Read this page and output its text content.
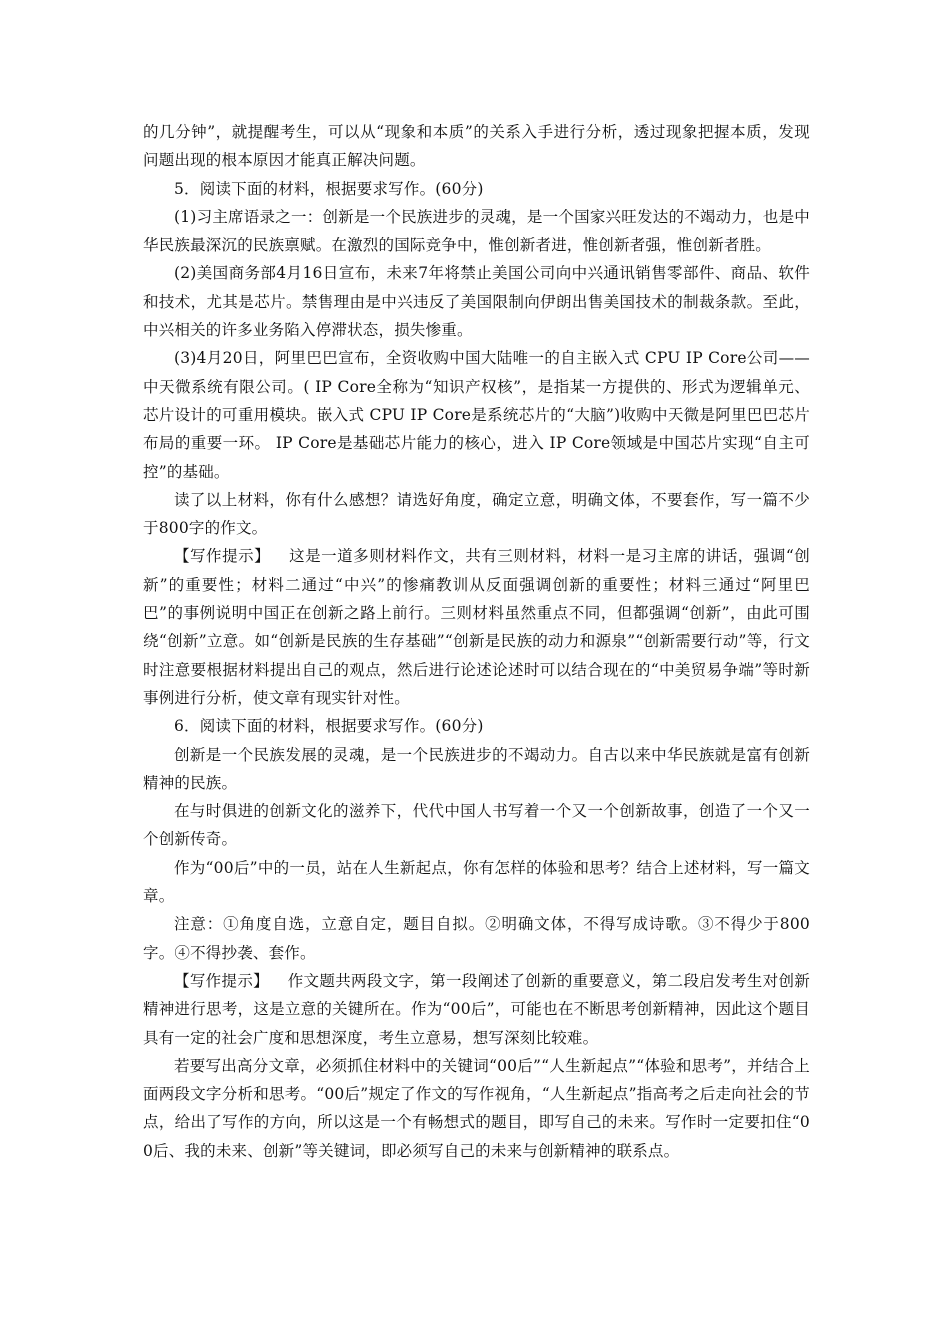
的几分钟”，就提醒考生，可以从“现象和本质”的关系入手进行分析，透过现象把握本质，发现问题出现的根本原因才能真正解决问题。

5．阅读下面的材料，根据要求写作。(60分)

(1)习主席语录之一：创新是一个民族进步的灵魂，是一个国家兴旺发达的不竭动力，也是中华民族最深沉的民族禀赋。在激烈的国际竞争中，惟创新者进，惟创新者强，惟创新者胜。

(2)美国商务部4月16日宣布，未来7年将禁止美国公司向中兴通讯销售零部件、商品、软件和技术，尤其是芯片。禁售理由是中兴违反了美国限制向伊朗出售美国技术的制裁条款。至此，中兴相关的许多业务陷入停滞状态，损失惨重。

(3)4月20日，阿里巴巴宣布，全资收购中国大陆唯一的自主嵌入式 CPU IP Core公司——中天微系统有限公司。( IP Core全称为“知识产权核”，是指某一方提供的、形式为逻辑单元、芯片设计的可重用模块。嵌入式 CPU IP Core是系统芯片的“大脑”)收购中天微是阿里巴巴芯片布局的重要一环。 IP Core是基础芯片能力的核心，进入 IP Core领域是中国芯片实现“自主可控”的基础。

读了以上材料，你有什么感想？请选好角度，确定立意，明确文体，不要套作，写一篇不少于800字的作文。

【写作提示】 这是一道多则材料作文，共有三则材料，材料一是习主席的讲话，强调“创新”的重要性；材料二通过“中兴”的惨痛教训从反面强调创新的重要性；材料三通过“阿里巴巴”的事例说明中国正在创新之路上前行。三则材料虽然重点不同，但都强调“创新”，由此可围绕“创新”立意。如“创新是民族的生存基础”“创新是民族的动力和源泉”“创新需要行动”等，行文时注意要根据材料提出自己的观点，然后进行论述论述时可以结合现在的“中美贸易争端”等时新事例进行分析，使文章有现实针对性。

6．阅读下面的材料，根据要求写作。(60分)

创新是一个民族发展的灵魂，是一个民族进步的不竭动力。自古以来中华民族就是富有创新精神的民族。

在与时俱进的创新文化的滋养下，代代中国人书写着一个又一个创新故事，创造了一个又一个创新传奇。

作为“00后”中的一员，站在人生新起点，你有怎样的体验和思考？结合上述材料，写一篇文章。

注意：①角度自选，立意自定，题目自拟。②明确文体，不得写成诗歌。③不得少于800字。④不得抄袭、套作。

【写作提示】 作文题共两段文字，第一段阐述了创新的重要意义，第二段启发考生对创新精神进行思考，这是立意的关键所在。作为“00后”，可能也在不断思考创新精神，因此这个题目具有一定的社会广度和思想深度，考生立意易，想写深刻比较难。

若要写出高分文章，必须抓住材料中的关键词“00后”“人生新起点”“体验和思考”，并结合上面两段文字分析和思考。“00后”规定了作文的写作视角，“人生新起点”指高考之后走向社会的节点，给出了写作的方向，所以这是一个有畅想式的题目，即写自己的未来。写作时一定要扣住“00后、我的未来、创新”等关键词，即必须写自己的未来与创新精神的联系点。
